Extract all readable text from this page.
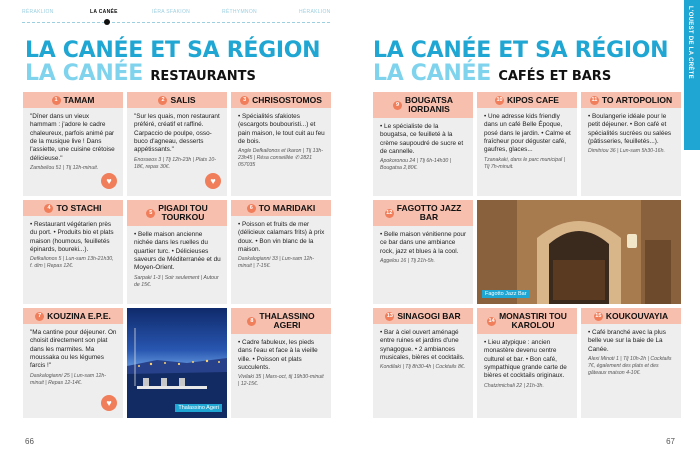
RÉRAKLION	LA CANÉE	IÉRA SFAKION	RÉTHYMNON	HÉRAKLION	L'OUEST DE LA CRÈTE
LA CANÉE ET SA RÉGION
LA CANÉE RESTAURANTS
1 TAMAM

"Dîner dans un vieux hammam : j'adore le cadre chaleureux, parfois animé par de la musique live ! Dans l'assiette, une cuisine crétoise délicieuse."

Zambeliou 51 | Tlj 12h-minuit.
♥
2 SALIS

"Sur les quais, mon restaurant préféré, créatif et raffiné. Carpaccio de poulpe, osso-buco d'agneau, desserts appétissants."

Enosseos 3 | Tlj 12h-23h | Plats 10-18€, repas 30€.
♥
3 CHRISOSTOMOS

• Spécialités sfakiotes (escargots boubouristi...) et pain maison, le tout cuit au feu de bois.

Angle Defkalionos et Ikaron | Tlj 13h-23h45 | Résa conseillée ✆ 2821 057035
4 TO STACHI

• Restaurant végétarien près du port. • Produits bio et plats maison (houmous, feuilletés épinards, boureki...).

Defkalionos 5 | Lun-sam 13h-21h30, f. dim | Repas 12€.
5 PIGADI TOU
TOURKOU

• Belle maison ancienne nichée dans les ruelles du quartier turc. • Délicieuses saveurs de Méditerranée et du Moyen-Orient.

Sarpaki 1-3 | Soir seulement | Autour de 15€.
6 TO MARIDAKI

• Poisson et fruits de mer (délicieux calamars frits) à prix doux. • Bon vin blanc de la maison.

Daskalogianni 33 | Lun-sam 12h-minuit | 7-15€.
7 KOUZINA E.P.E.

"Ma cantine pour déjeuner. On choisit directement son plat dans les marmites. Ma moussaka ou les légumes farcis !"

Daskalogianni 25 | Lun-sam 12h-minuit | Repas 12-14€.
♥	Thalassino Ageri
8 THALASSINO
AGERI

• Cadre fabuleux, les pieds dans l'eau et face à la vieille ville. • Poisson et plats succulents.

Vivilaki 35 | Mars-oct, tlj 19h30-minuit | 12-15€.
66
LA CANÉE ET SA RÉGION
LA CANÉE CAFÉS ET BARS
9 BOUGATSA
IORDANIS

• Le spécialiste de la bougatsa, ce feuilleté à la crème saupoudré de sucre et de cannelle.

Apokoronou 24 | Tlj 6h-14h30 | Bougatsa 2,80€.
10 KIPOS CAFE

• Une adresse kids friendly dans un café Belle Époque, posé dans le jardin. • Calme et fraîcheur pour déguster café, gaufres, glaces...

Tzanakaki, dans le parc municipal | Tlj 7h-minuit.
11 TO ARTOPOLION

• Boulangerie idéale pour le petit déjeuner. • Bon café et spécialités sucrées ou salées (pâtisseries, feuilletés...).

Dimitriou 36 | Lun-sam 5h30-16h.
12 FAGOTTO JAZZ
BAR

• Belle maison vénitienne pour ce bar dans une ambiance rock, jazz et blues à la cool.

Aggelou 16 | Tlj 21h-5h.
Fagotto Jazz Bar
13 SINAGOGI BAR

• Bar à ciel ouvert aménagé entre ruines et jardins d'une synagogue. • 2 ambiances musicales, bières et cocktails.

Kondilaki | Tlj 8h30-4h | Cocktails 8€.
14 MONASTIRI TOU
KAROLOU

• Lieu atypique : ancien monastère devenu centre culturel et bar. • Bon café, sympathique grande carte de bières et cocktails originaux.

Chatzimichali 22 | 21h-3h.
15 KOUKOUVAYIA

• Café branché avec la plus belle vue sur la baie de La Canée.

Alexi Minoti 1 | Tlj 10h-2h | Cocktails 7€, également des plats et des gâteaux maison 4-10€.
67
